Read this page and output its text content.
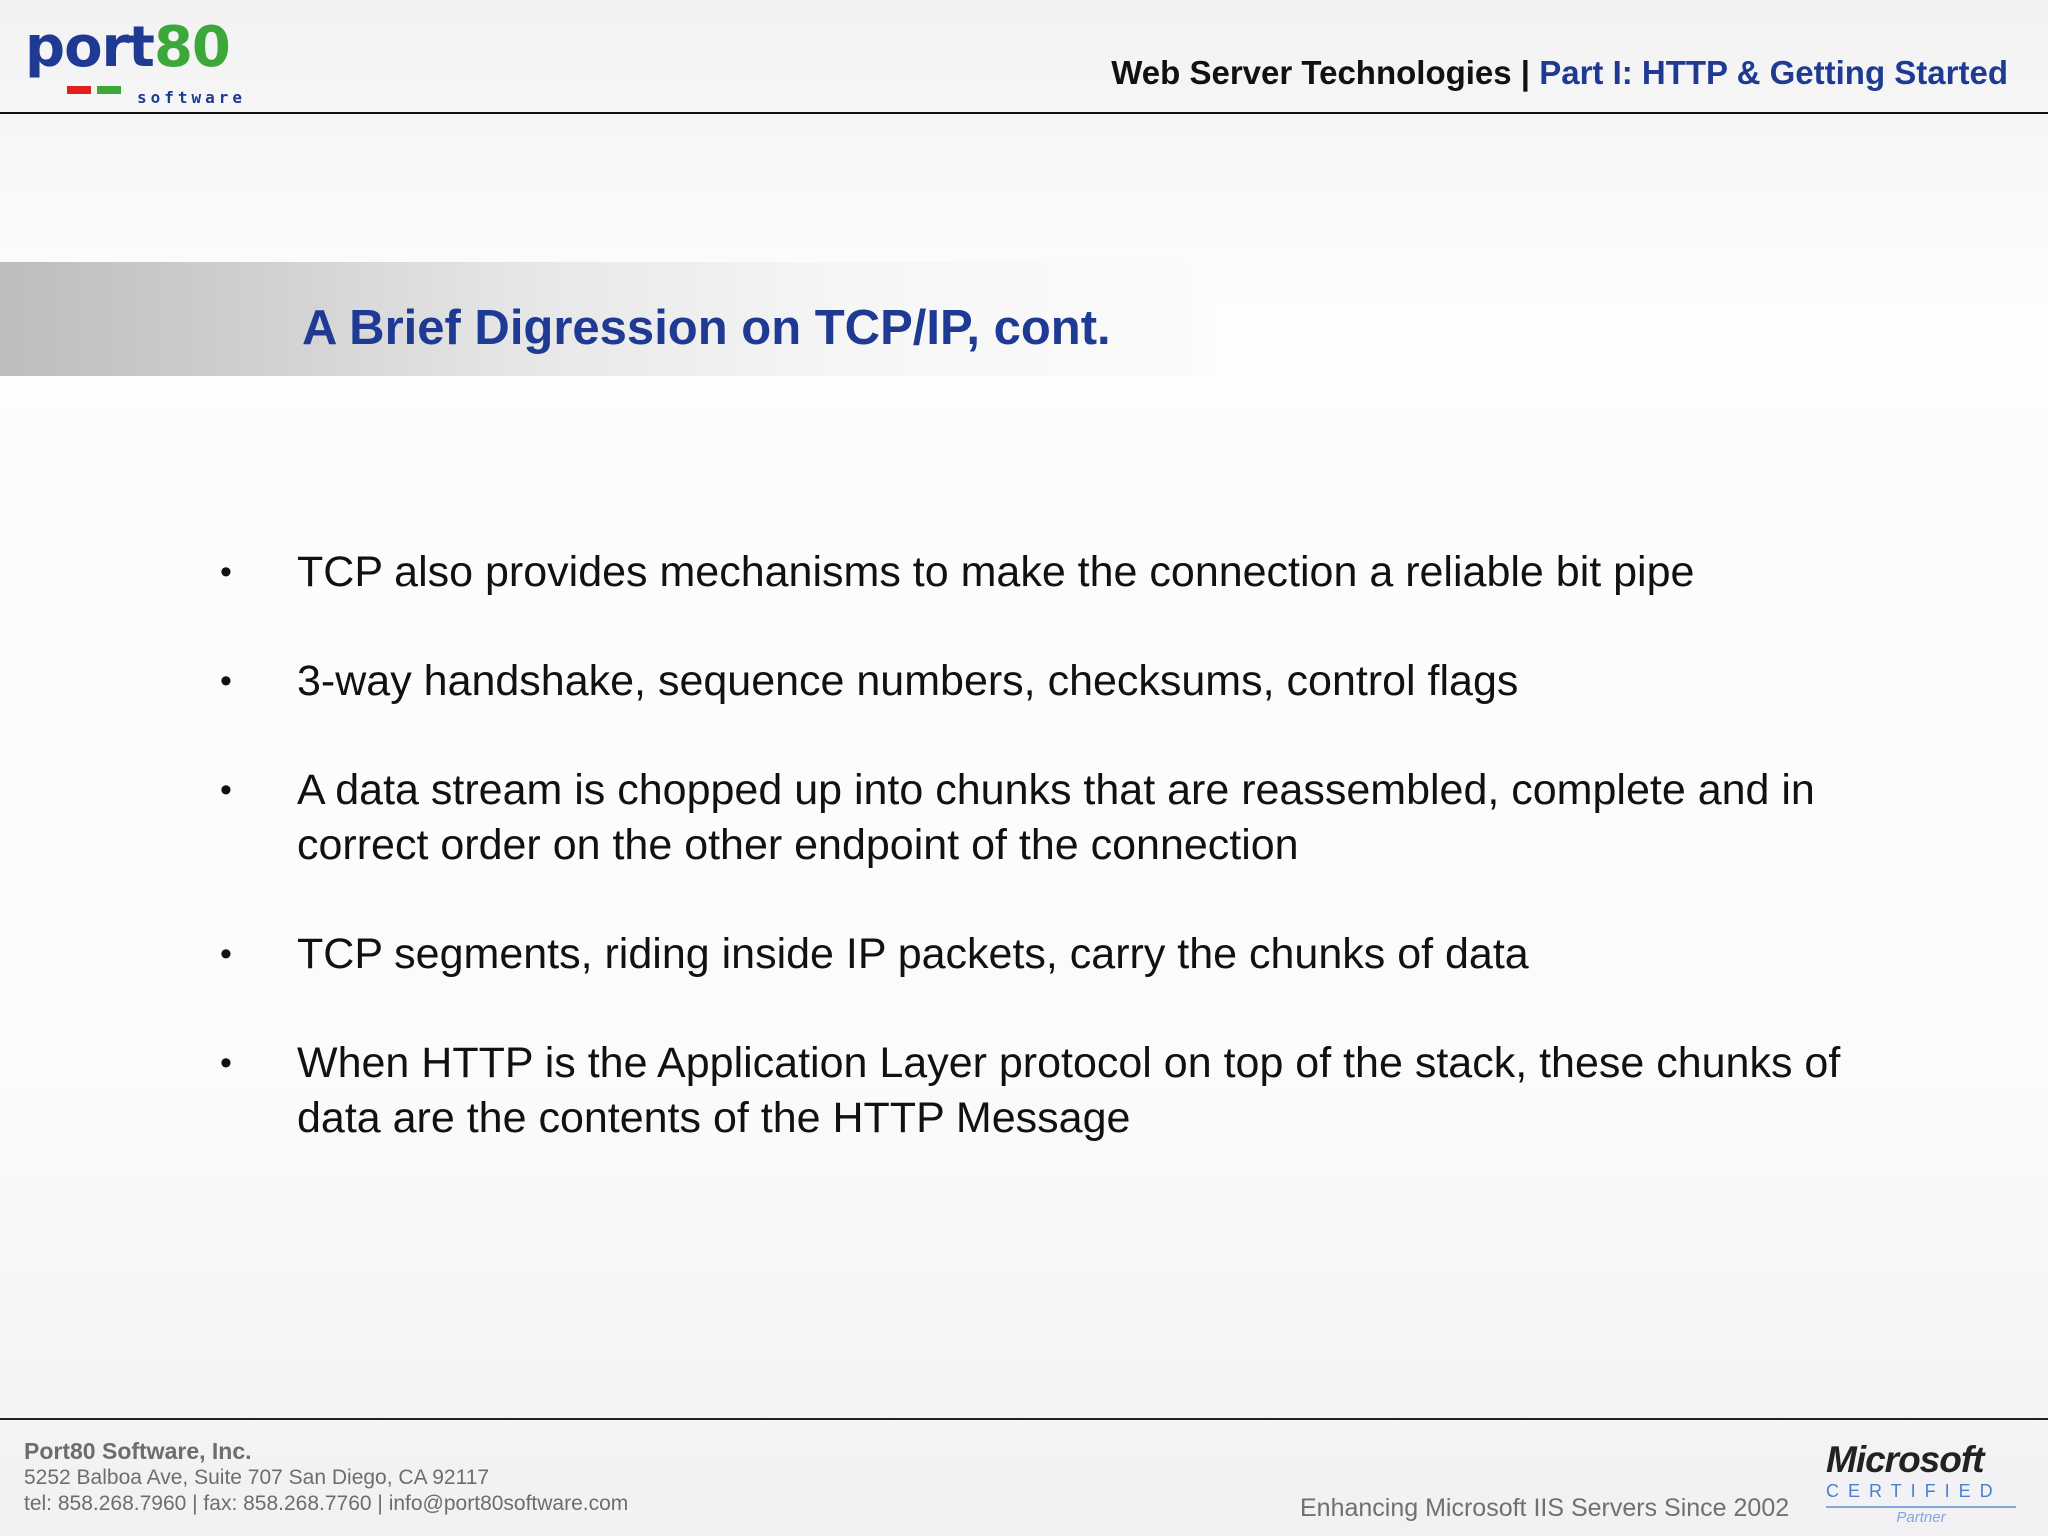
port80
software
Web Server Technologies | Part I: HTTP & Getting Started
A Brief Digression on TCP/IP, cont.
• TCP also provides mechanisms to make the connection a reliable bit pipe
• 3-way handshake, sequence numbers, checksums, control flags
• A data stream is chopped up into chunks that are reassembled, complete and in correct order on the other endpoint of the connection
• TCP segments, riding inside IP packets, carry the chunks of data
• When HTTP is the Application Layer protocol on top of the stack, these chunks of data are the contents of the HTTP Message
Port80 Software, Inc.
5252 Balboa Ave, Suite 707 San Diego, CA 92117
tel: 858.268.7960 | fax: 858.268.7760 | info@port80software.com	Enhancing Microsoft IIS Servers Since 2002
Microsoft
CERTIFIED
Partner
